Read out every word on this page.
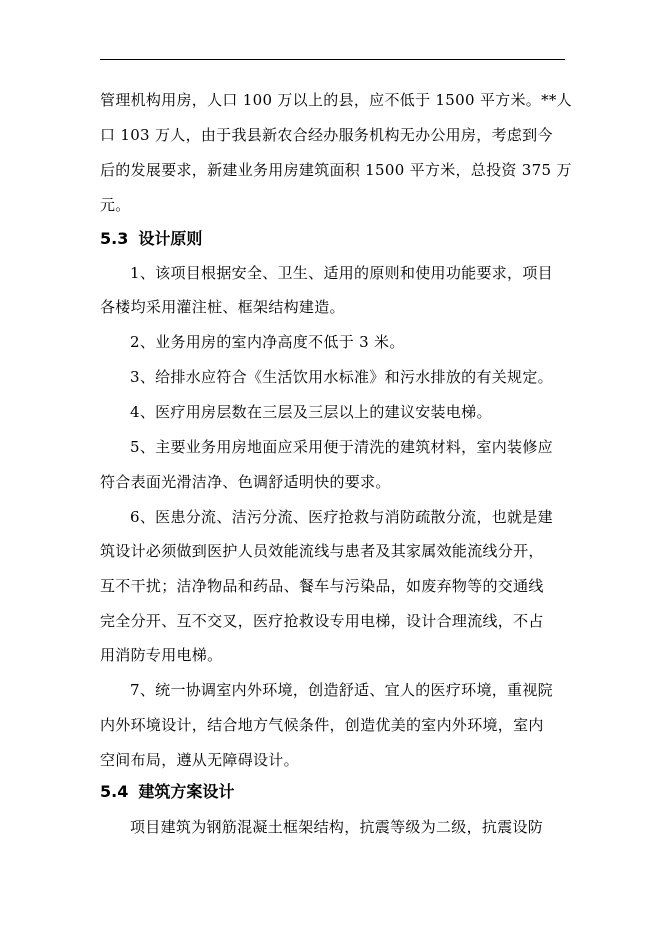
管理机构用房，人口 100 万以上的县，应不低于 1500 平方米。**人
口 103 万人，由于我县新农合经办服务机构无办公用房，考虑到今
后的发展要求，新建业务用房建筑面积 1500 平方米，总投资 375 万
元。
5.3 设计原则
1、该项目根据安全、卫生、适用的原则和使用功能要求，项目
各楼均采用灌注桩、框架结构建造。
2、业务用房的室内净高度不低于 3 米。
3、给排水应符合《生活饮用水标准》和污水排放的有关规定。
4、医疗用房层数在三层及三层以上的建议安装电梯。
5、主要业务用房地面应采用便于清洗的建筑材料，室内装修应
符合表面光滑洁净、色调舒适明快的要求。
6、医患分流、洁污分流、医疗抢救与消防疏散分流，也就是建
筑设计必须做到医护人员效能流线与患者及其家属效能流线分开，
互不干扰；洁净物品和药品、餐车与污染品，如废弃物等的交通线
完全分开、互不交叉，医疗抢救设专用电梯，设计合理流线，不占
用消防专用电梯。
7、统一协调室内外环境，创造舒适、宜人的医疗环境，重视院
内外环境设计，结合地方气候条件，创造优美的室内外环境，室内
空间布局，遵从无障碍设计。
5.4 建筑方案设计
项目建筑为钢筋混凝土框架结构，抗震等级为二级，抗震设防
